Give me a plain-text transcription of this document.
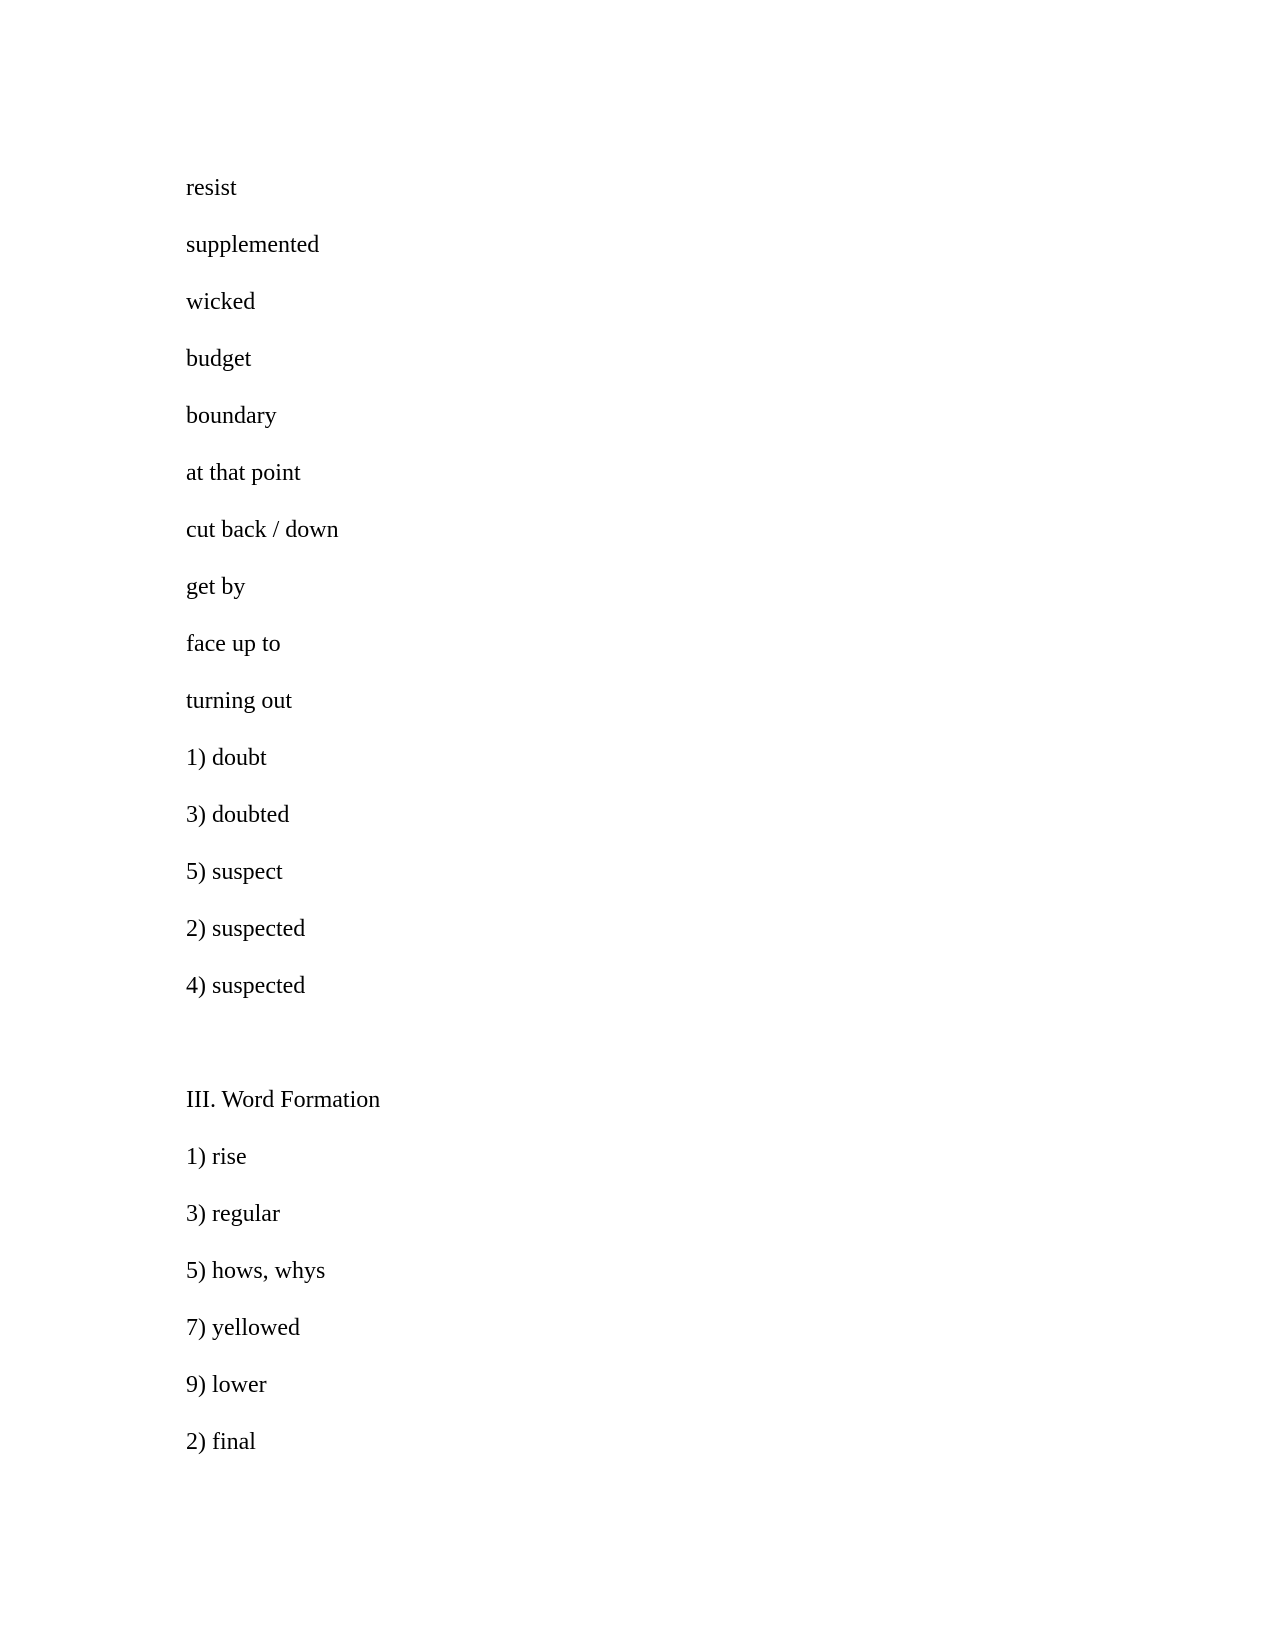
resist
supplemented
wicked
budget
boundary
at that point
cut back / down
get by
face up to
turning out
1) doubt
3) doubted
5) suspect
2) suspected
4) suspected
III. Word Formation
1) rise
3) regular
5) hows, whys
7) yellowed
9) lower
2) final
